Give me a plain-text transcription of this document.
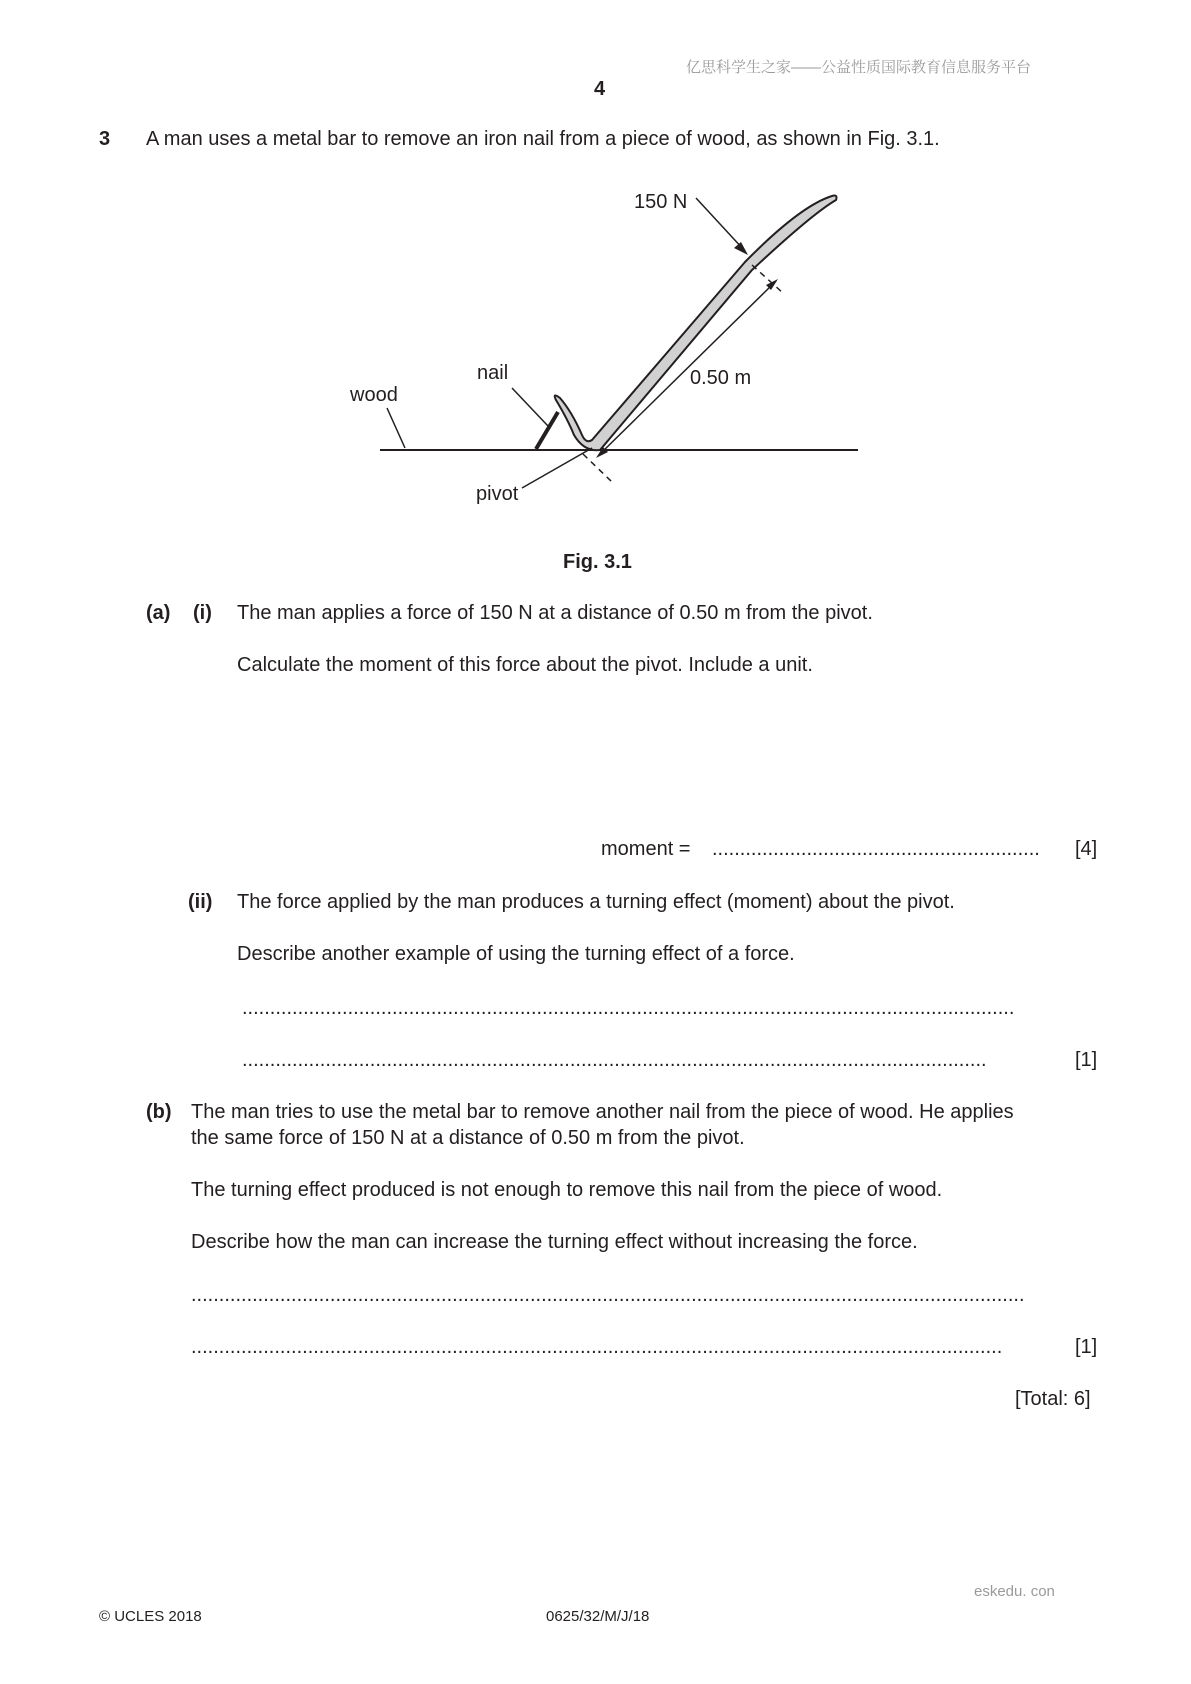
亿思科学生之家——公益性质国际教育信息服务平台
4
3 A man uses a metal bar to remove an iron nail from a piece of wood, as shown in Fig. 3.1.
150 N
0.50 m
nail
wood
pivot
Fig. 3.1
(a) (i) The man applies a force of 150 N at a distance of 0.50 m from the pivot.
Calculate the moment of this force about the pivot. Include a unit.
moment = ........................................................... [4]
(ii) The force applied by the man produces a turning effect (moment) about the pivot.
Describe another example of using the turning effect of a force.
...........................................................................................................................................
......................................................................................................................................	[1]
(b) The man tries to use the metal bar to remove another nail from the piece of wood. He applies
the same force of 150 N at a distance of 0.50 m from the pivot.
The turning effect produced is not enough to remove this nail from the piece of wood.
Describe how the man can increase the turning effect without increasing the force.
......................................................................................................................................................
..................................................................................................................................................	[1]
[Total: 6]
eskedu. con
© UCLES 2018	0625/32/M/J/18
